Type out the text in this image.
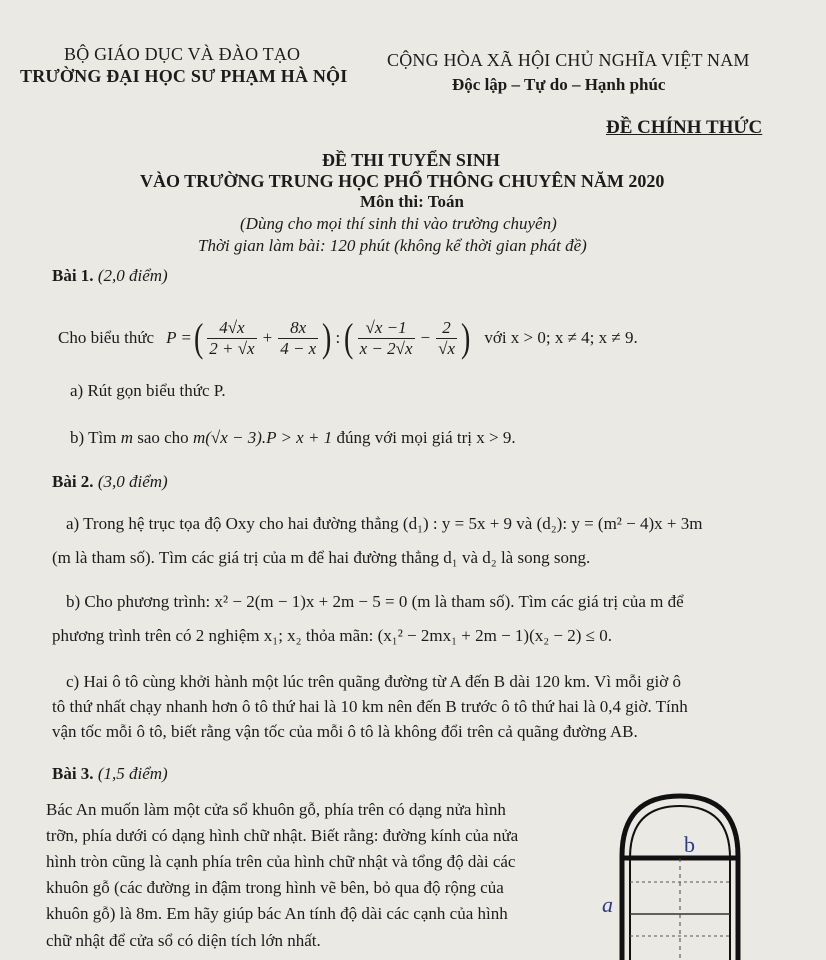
BỘ GIÁO DỤC VÀ ĐÀO TẠO
TRƯỜNG ĐẠI HỌC SƯ PHẠM HÀ NỘI
CỘNG HÒA XÃ HỘI CHỦ NGHĨA VIỆT NAM
Độc lập – Tự do – Hạnh phúc
ĐỀ CHÍNH THỨC
ĐỀ THI TUYỂN SINH
VÀO TRƯỜNG TRUNG HỌC PHỔ THÔNG CHUYÊN NĂM 2020
Môn thi: Toán
(Dùng cho mọi thí sinh thi vào trường chuyên)
Thời gian làm bài: 120 phút (không kể thời gian phát đề)
Bài 1. (2,0 điểm)
Cho biểu thức P = ( $\frac{4√x}{2 + √x} + \frac{8x}{4 - x}$ ) : ( $\frac{√x -1}{x - 2√x} - \frac{2}{√x}$ ) với x > 0; x ≠ 4; x ≠ 9.
a) Rút gọn biểu thức P.
b) Tìm m sao cho m(√x − 3).P > x + 1 đúng với mọi giá trị x > 9.
Bài 2. (3,0 điểm)
a) Trong hệ trục tọa độ Oxy cho hai đường thẳng (d₁) : y = 5x + 9 và (d₂): y = (m² − 4)x + 3m
(m là tham số). Tìm các giá trị của m để hai đường thẳng d₁ và d₂ là song song.
b) Cho phương trình: x² − 2(m − 1)x + 2m − 5 = 0 (m là tham số). Tìm các giá trị của m để
phương trình trên có 2 nghiệm x₁; x₂ thỏa mãn: (x₁² − 2mx₁ + 2m − 1)(x₂ − 2) ≤ 0.
c) Hai ô tô cùng khởi hành một lúc trên quãng đường từ A đến B dài 120 km. Vì mỗi giờ ô
tô thứ nhất chạy nhanh hơn ô tô thứ hai là 10 km nên đến B trước ô tô thứ hai là 0,4 giờ. Tính
vận tốc mỗi ô tô, biết rằng vận tốc của mỗi ô tô là không đổi trên cả quãng đường AB.
Bài 3. (1,5 điểm)
Bác An muốn làm một cửa sổ khuôn gỗ, phía trên có dạng nửa hình
trỡn, phía dưới có dạng hình chữ nhật. Biết rằng: đường kính của nửa
hình tròn cũng là cạnh phía trên của hình chữ nhật và tổng độ dài các
khuôn gỗ (các đường in đậm trong hình vẽ bên, bỏ qua độ rộng của
khuôn gỗ) là 8m. Em hãy giúp bác An tính độ dài các cạnh của hình
chữ nhật để cửa sổ có diện tích lớn nhất.
b
a
